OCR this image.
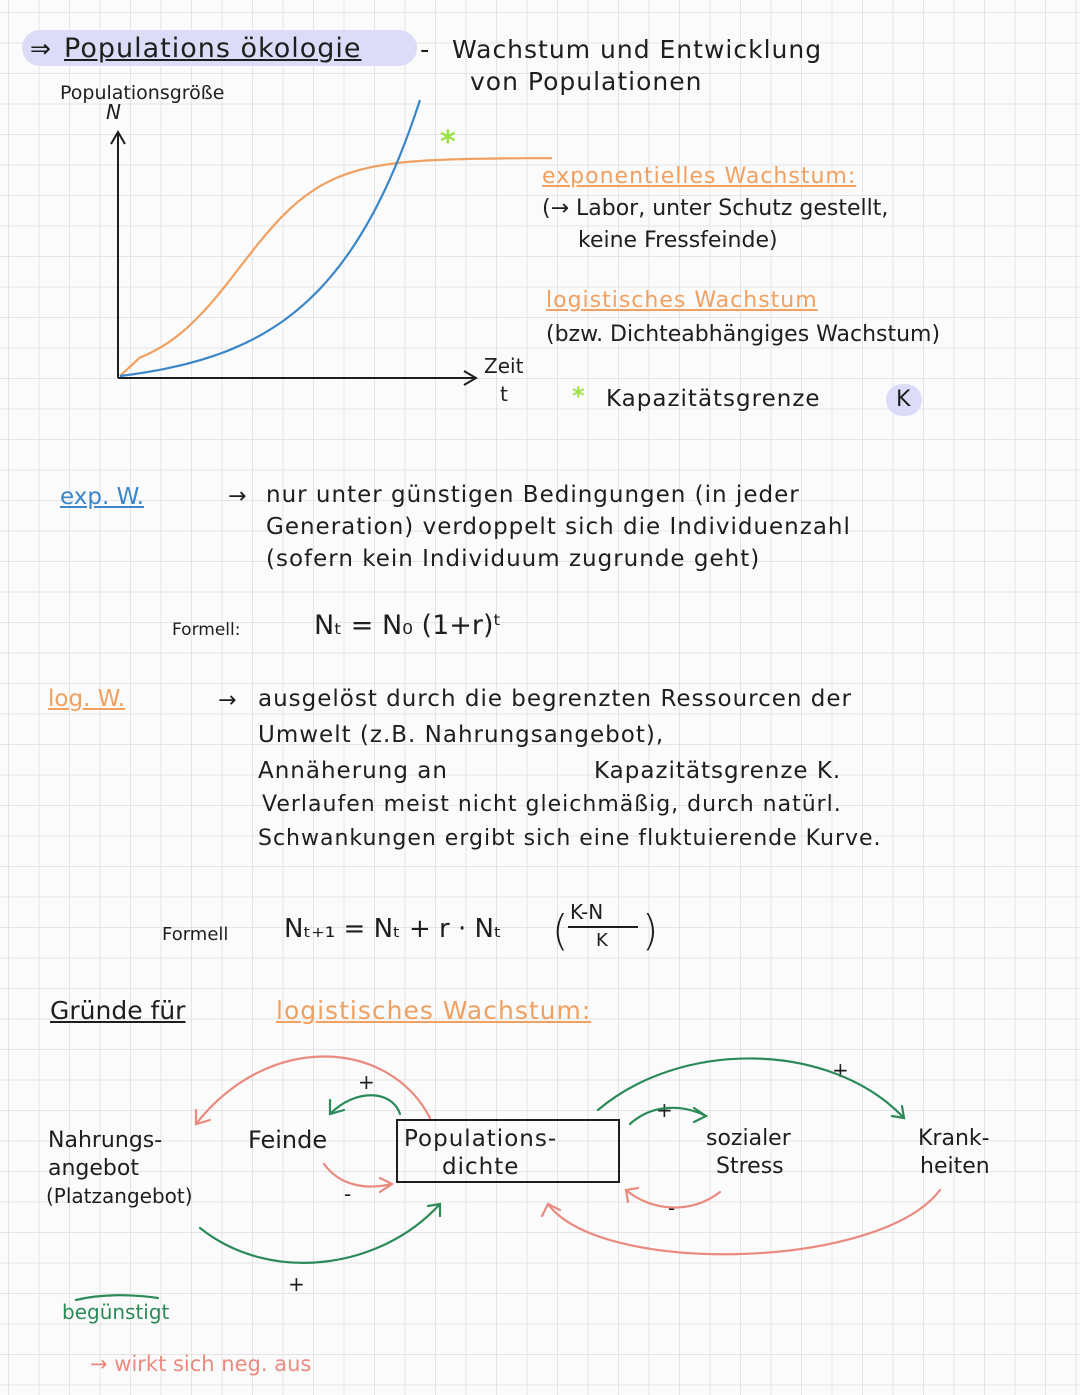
⇒ Populations ökologie - Wachstum und Entwicklung

von Populationen

Populationsgröße

N

Zeit

t

*

exponentielles Wachstum:

(→ Labor, unter Schutz gestellt,

keine Fressfeinde)

logistisches Wachstum

(bzw. Dichteabhängiges Wachstum)

* Kapazitätsgrenze	K

exp. W.	→ nur unter günstigen Bedingungen (in jeder

Generation) verdoppelt sich die Individuenzahl

(sofern kein Individuum zugrunde geht)

Formell:	Nₜ = N₀ (1+r)ᵗ

log. W.	→ ausgelöst durch die begrenzten Ressourcen der

Umwelt (z.B. Nahrungsangebot),

Annäherung an	Kapazitätsgrenze K.

Verlaufen meist nicht gleichmäßig, durch natürl.

Schwankungen ergibt sich eine fluktuierende Kurve.

Formell Nₜ₊₁ = Nₜ + r · Nₜ ( K-N

K )

Gründe für	logistisches Wachstum:

Nahrungs-

angebot

(Platzangebot)

Feinde	Populations-

dichte

sozialer

Stress

Krank-

heiten

+

-

+

+

-

+

begünstigt

→ wirkt sich neg. aus
